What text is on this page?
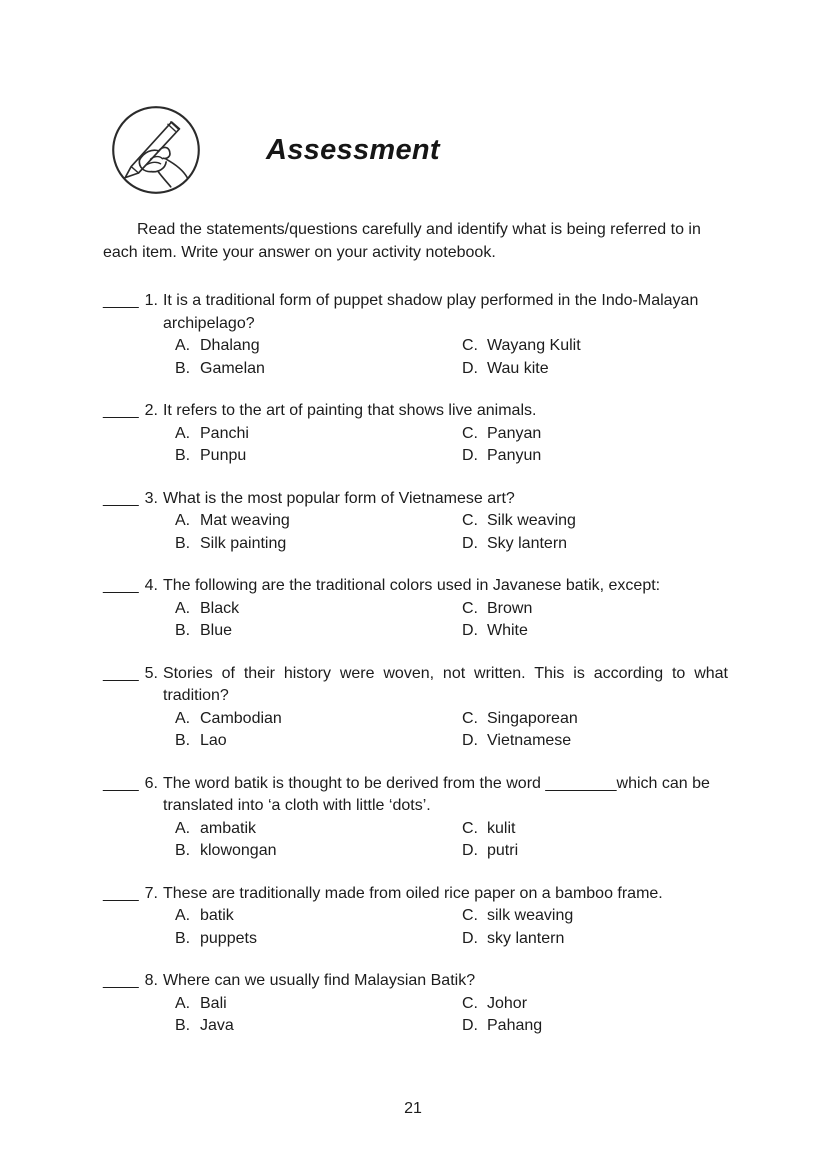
Assessment
Read the statements/questions carefully and identify what is being referred to in each item. Write your answer on your activity notebook.
____ 1. It is a traditional form of puppet shadow play performed in the Indo-Malayan archipelago?
A. Dhalang	C. Wayang Kulit
B. Gamelan	D. Wau kite
____ 2. It refers to the art of painting that shows live animals.
A. Panchi	C. Panyan
B. Punpu	D. Panyun
____ 3. What is the most popular form of Vietnamese art?
A. Mat weaving	C. Silk weaving
B. Silk painting	D. Sky lantern
____ 4. The following are the traditional colors used in Javanese batik, except:
A. Black	C. Brown
B. Blue	D. White
____ 5. Stories of their history were woven, not written. This is according to what tradition?
A. Cambodian	C. Singaporean
B. Lao	D. Vietnamese
____ 6. The word batik is thought to be derived from the word ________which can be translated into ‘a cloth with little ‘dots’.
A. ambatik	C. kulit
B. klowongan	D. putri
____ 7. These are traditionally made from oiled rice paper on a bamboo frame.
A. batik	C. silk weaving
B. puppets	D. sky lantern
____ 8. Where can we usually find Malaysian Batik?
A. Bali	C. Johor
B. Java	D. Pahang
21
